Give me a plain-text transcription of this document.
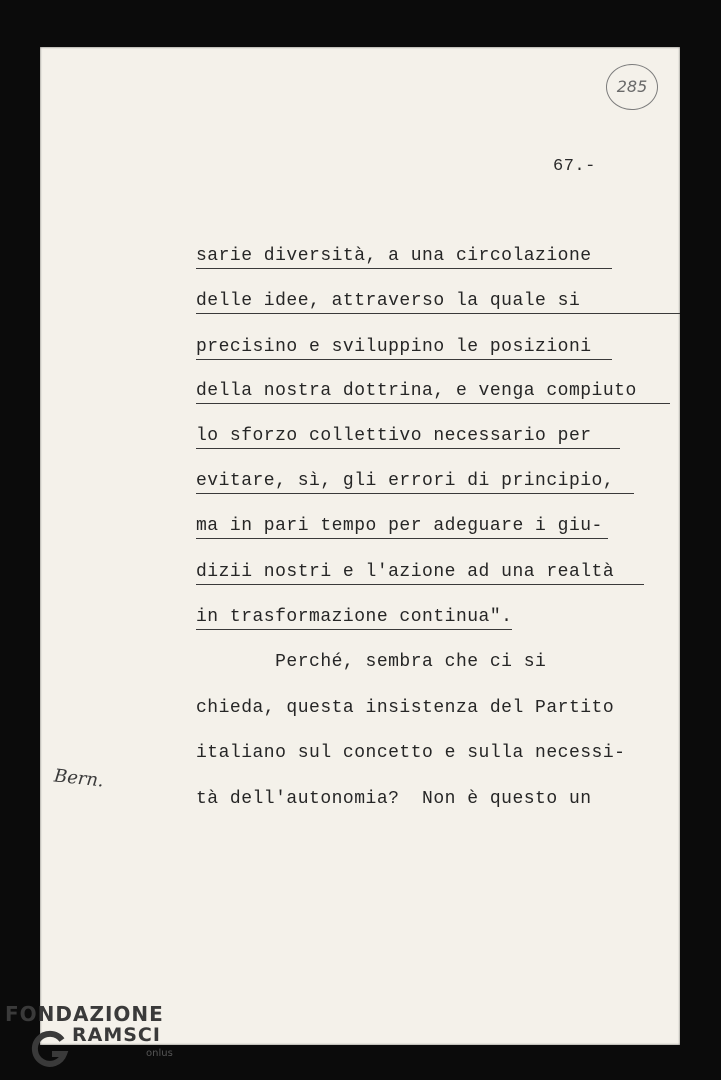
285
67.-
sarie diversità, a una circolazione
delle idee, attraverso la quale si
precisino e sviluppino le posizioni
della nostra dottrina, e venga compiuto
lo sforzo collettivo necessario per
evitare, sì, gli errori di principio,
ma in pari tempo per adeguare i giu-
dizii nostri e l'azione ad una realtà
in trasformazione continua".
Perché, sembra che ci si
chieda, questa insistenza del Partito
italiano sul concetto e sulla necessi-
tà dell'autonomia?  Non è questo un
Bern.
FONDAZIONE
RAMSCI
onlus
